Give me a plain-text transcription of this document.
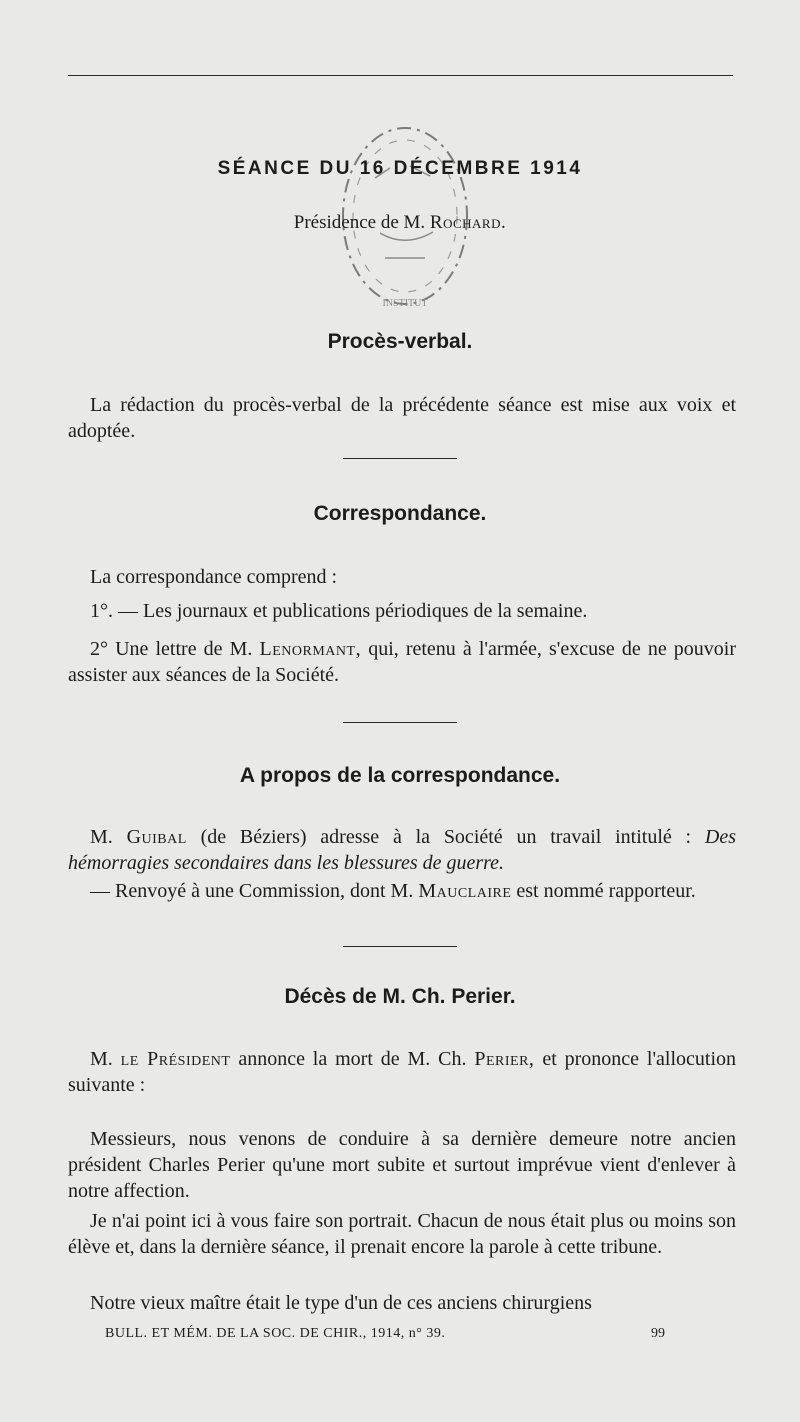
INSTITUT
SÉANCE DU 16 DÉCEMBRE 1914
Présidence de M. Rochard.
Procès-verbal.

La rédaction du procès-verbal de la précédente séance est mise aux voix et adoptée.

Correspondance.

La correspondance comprend :

1°. — Les journaux et publications périodiques de la semaine.

2° Une lettre de M. Lenormant, qui, retenu à l'armée, s'excuse de ne pouvoir assister aux séances de la Société.

A propos de la correspondance.

M. Guibal (de Béziers) adresse à la Société un travail intitulé : Des hémorragies secondaires dans les blessures de guerre.

— Renvoyé à une Commission, dont M. Mauclaire est nommé rapporteur.

Décès de M. Ch. Perier.

M. le Président annonce la mort de M. Ch. Perier, et prononce l'allocution suivante :

Messieurs, nous venons de conduire à sa dernière demeure notre ancien président Charles Perier qu'une mort subite et surtout imprévue vient d'enlever à notre affection.

Je n'ai point ici à vous faire son portrait. Chacun de nous était plus ou moins son élève et, dans la dernière séance, il prenait encore la parole à cette tribune.

Notre vieux maître était le type d'un de ces anciens chirurgiens

BULL. ET MÉM. DE LA SOC. DE CHIR., 1914, n° 39.	99
